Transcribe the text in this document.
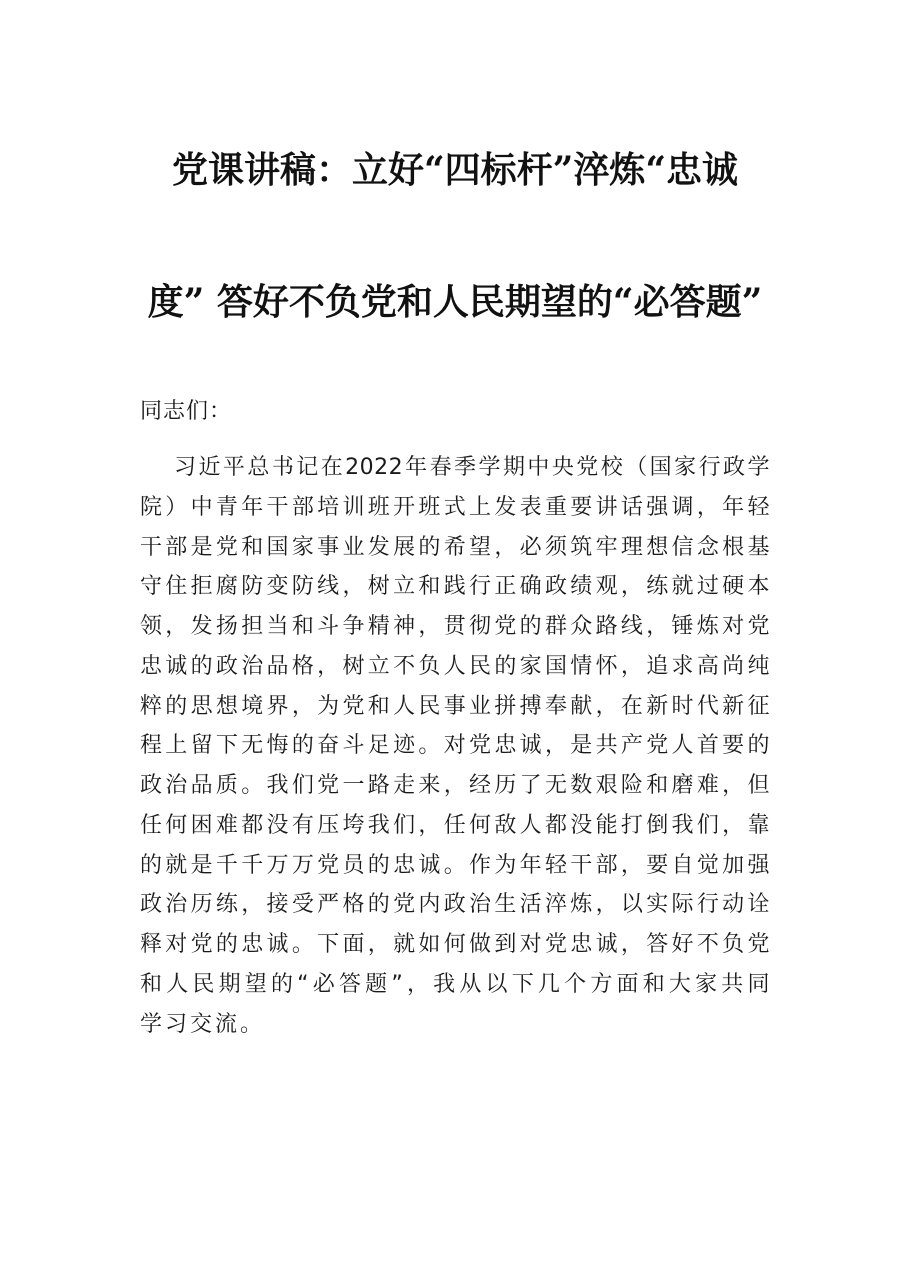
党课讲稿：立好“四标杆”淬炼“忠诚
度” 答好不负党和人民期望的“必答题”
同志们：
习近平总书记在2022年春季学期中央党校（国家行政学
院）中青年干部培训班开班式上发表重要讲话强调，年轻
干部是党和国家事业发展的希望，必须筑牢理想信念根基
守住拒腐防变防线，树立和践行正确政绩观，练就过硬本
领，发扬担当和斗争精神，贯彻党的群众路线，锤炼对党
忠诚的政治品格，树立不负人民的家国情怀，追求高尚纯
粹的思想境界，为党和人民事业拼搏奉献，在新时代新征
程上留下无悔的奋斗足迹。对党忠诚，是共产党人首要的
政治品质。我们党一路走来，经历了无数艰险和磨难，但
任何困难都没有压垮我们，任何敌人都没能打倒我们，靠
的就是千千万万党员的忠诚。作为年轻干部，要自觉加强
政治历练，接受严格的党内政治生活淬炼，以实际行动诠
释对党的忠诚。下面，就如何做到对党忠诚，答好不负党
和人民期望的“必答题”，我从以下几个方面和大家共同
学习交流。
